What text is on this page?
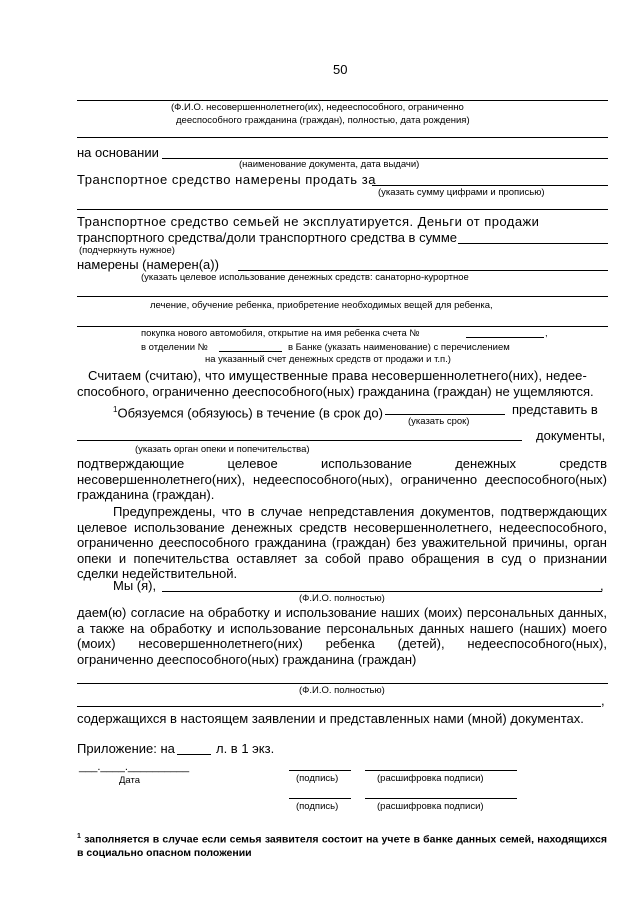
50
(Ф.И.О. несовершеннолетнего(их), недееспособного, ограниченно
дееспособного гражданина (граждан), полностью, дата рождения)
на основании
(наименование документа, дата выдачи)
Транспортное средство намерены продать за
(указать сумму цифрами и прописью)
Транспортное средство семьей не эксплуатируется. Деньги от продажи
транспортного средства/доли транспортного средства в сумме
(подчеркнуть нужное)
намерены (намерен(а))
(указать целевое использование денежных средств: санаторно-курортное
лечение, обучение ребенка, приобретение необходимых вещей для ребенка,
покупка нового автомобиля, открытие на имя ребенка счета №	,
в отделении №	в Банке (указать наименование) с перечислением
на указанный счет денежных средств от продажи и т.п.)
Считаем (считаю), что имущественные права несовершеннолетнего(них), недее-
способного, ограниченно дееспособного(ных) гражданина (граждан) не ущемляются.
$^1$Обязуемся (обязуюсь) в течение (в срок до)	представить в
(указать срок)
документы,
(указать орган опеки и попечительства)
подтверждающие целевое использование денежных средств несовершеннолетнего(них), недееспособного(ных), ограниченно дееспособного(ных) гражданина (граждан).
Предупреждены, что в случае непредставления документов, подтверждающих целевое использование денежных средств несовершеннолетнего, недееспособного, ограниченно дееспособного гражданина (граждан) без уважительной причины, орган опеки и попечительства оставляет за собой право обращения в суд о признании сделки недействительной.
Мы (я),	,
(Ф.И.О. полностью)
даем(ю) согласие на обработку и использование наших (моих) персональных данных, а также на обработку и использование персональных данных нашего (наших) моего (моих) несовершеннолетнего(них) ребенка (детей), недееспособного(ных), ограниченно дееспособного(ных) гражданина (граждан)
(Ф.И.О. полностью)
,
содержащихся в настоящем заявлении и представленных нами (мной) документах.
Приложение: на	л. в 1 экз.
___.____.__________
Дата	(подпись)	(расшифровка подписи)
(подпись)	(расшифровка подписи)
$^1$ заполняется в случае если семья заявителя состоит на учете в банке данных семей, находящихся в социально опасном положении
